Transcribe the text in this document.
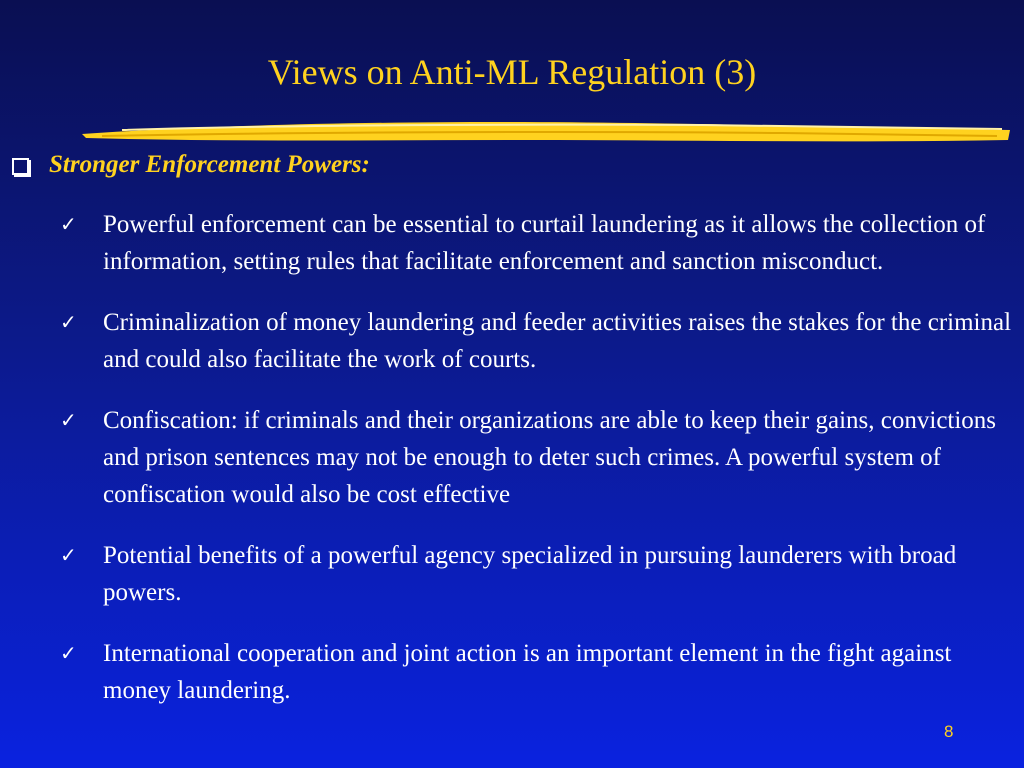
Views on Anti-ML Regulation (3)
Stronger Enforcement Powers:
✓	Powerful enforcement can be essential to curtail laundering as it allows the collection of information, setting rules that facilitate enforcement and sanction misconduct.
✓	Criminalization of money laundering and feeder activities raises the stakes for the criminal and could also facilitate the work of courts.
✓	Confiscation: if criminals and their organizations are able to keep their gains, convictions and prison sentences may not be enough to deter such crimes. A powerful system of confiscation would also be cost effective
✓	Potential benefits of a powerful agency specialized in pursuing launderers with broad powers.
✓	International cooperation and joint action is an important element in the fight against money laundering.
8
